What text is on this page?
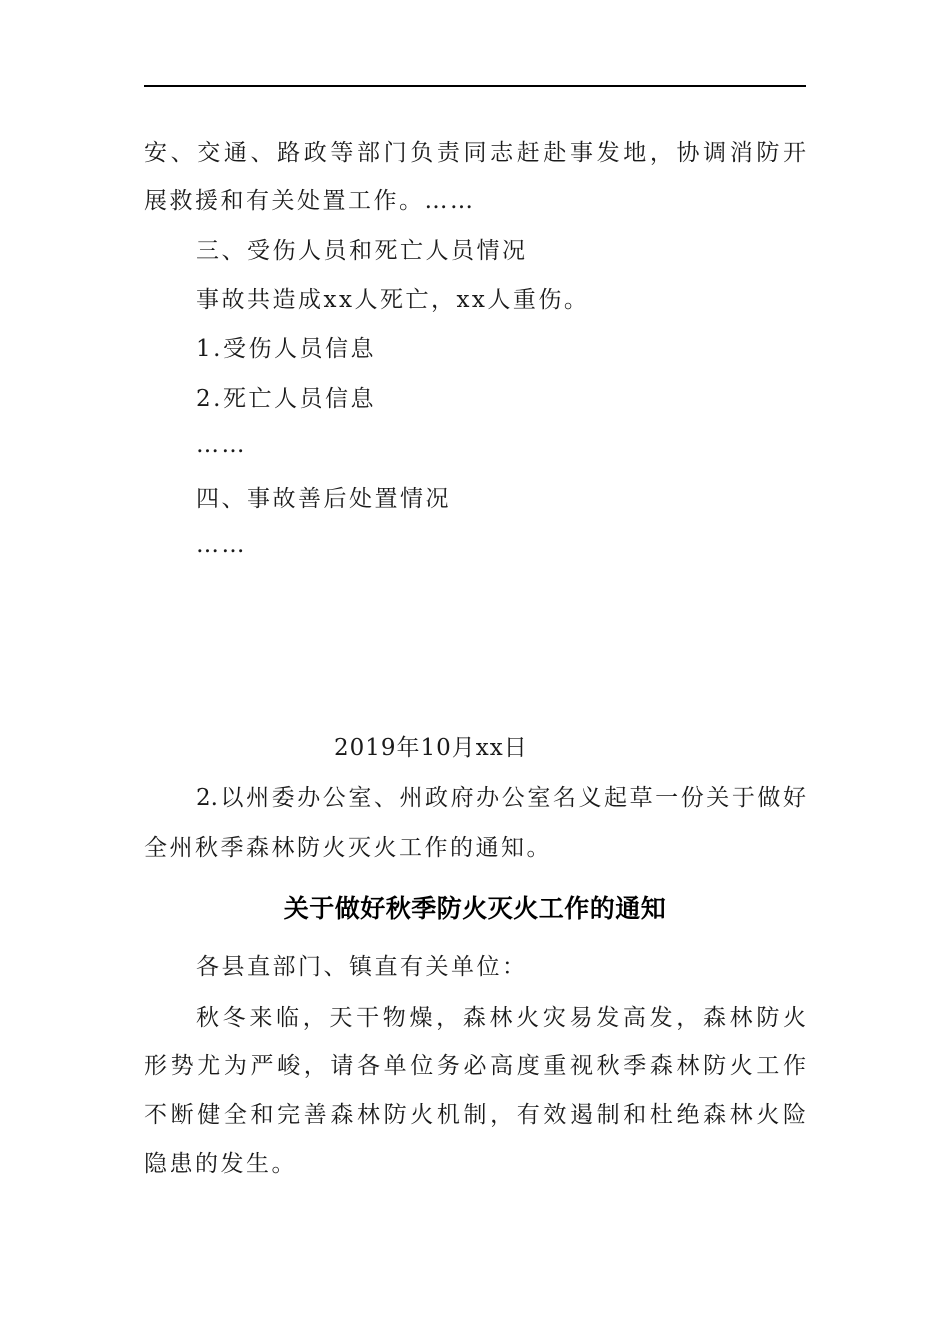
安、交通、路政等部门负责同志赶赴事发地，协调消防开
展救援和有关处置工作。……
三、受伤人员和死亡人员情况
事故共造成xx人死亡，xx人重伤。
1.受伤人员信息
2.死亡人员信息
……
四、事故善后处置情况
……
2019年10月xx日
2.以州委办公室、州政府办公室名义起草一份关于做好
全州秋季森林防火灭火工作的通知。
关于做好秋季防火灭火工作的通知
各县直部门、镇直有关单位：
秋冬来临，天干物燥，森林火灾易发高发，森林防火
形势尤为严峻，请各单位务必高度重视秋季森林防火工作
不断健全和完善森林防火机制，有效遏制和杜绝森林火险
隐患的发生。
